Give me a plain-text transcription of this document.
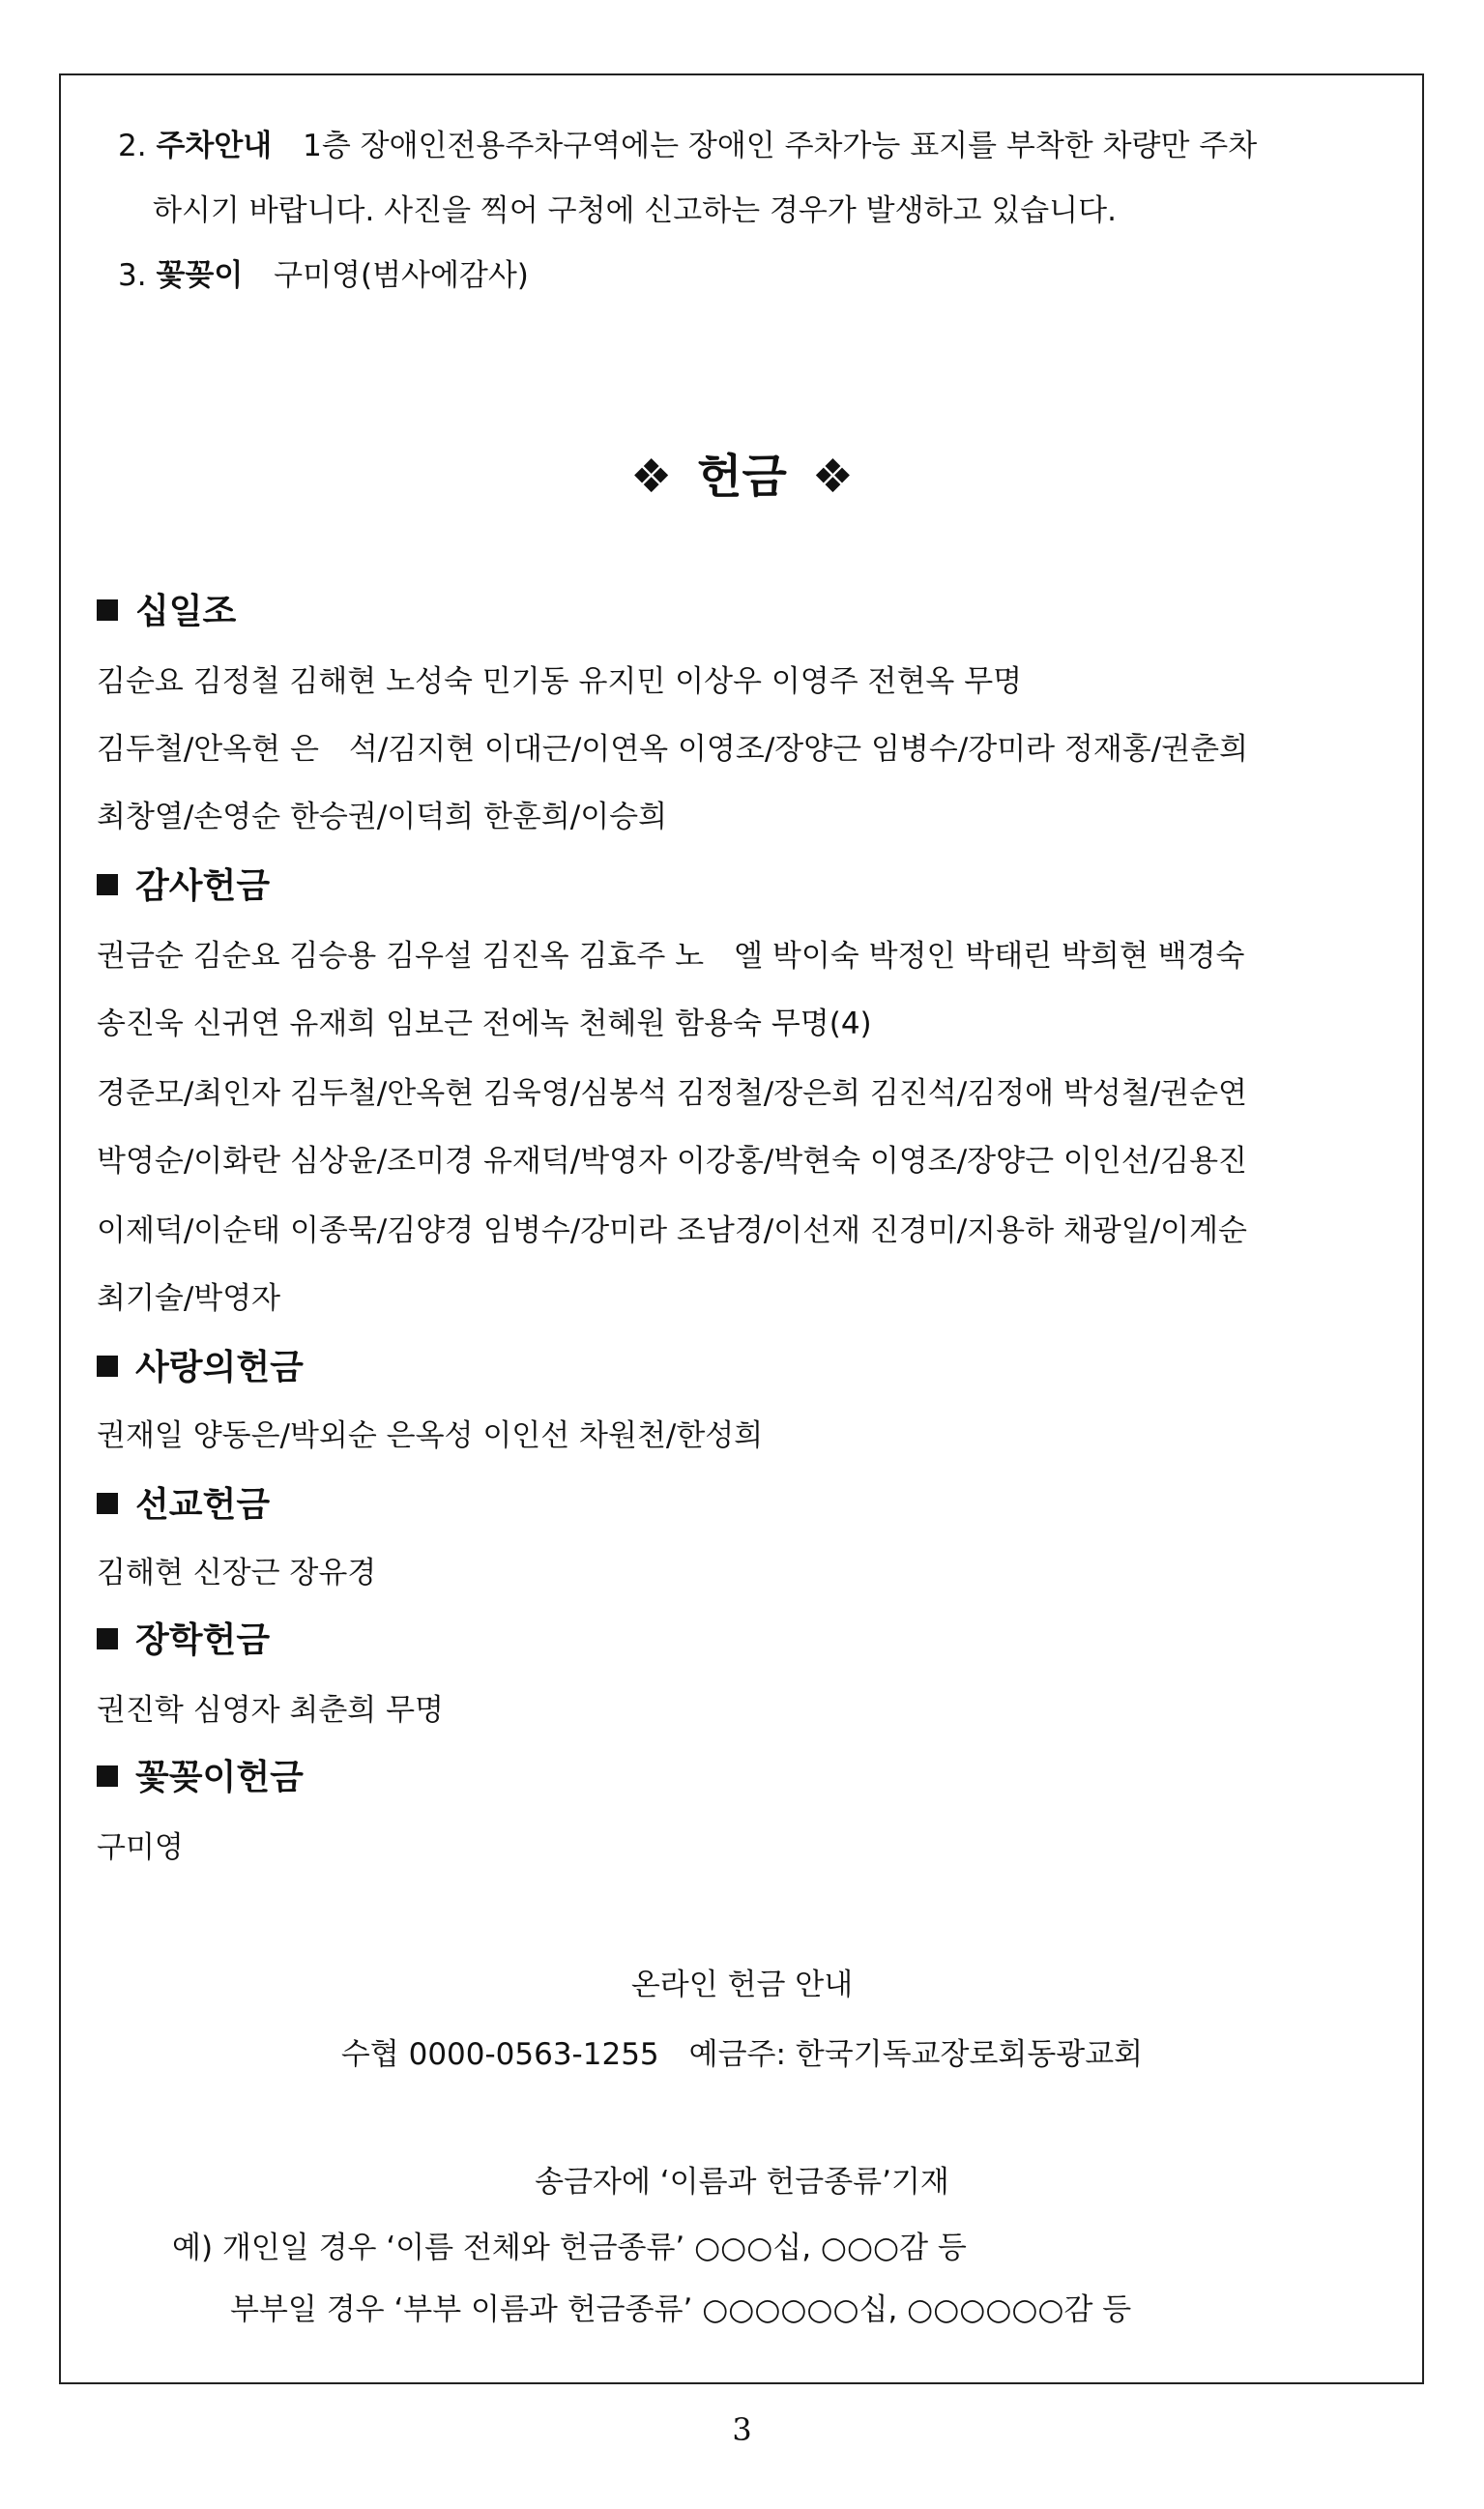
2. 주차안내 1층 장애인전용주차구역에는 장애인 주차가능 표지를 부착한 차량만 주차
하시기 바랍니다. 사진을 찍어 구청에 신고하는 경우가 발생하고 있습니다.
3. 꽃꽂이 구미영(범사에감사)
❖ 헌금 ❖
십일조
김순요 김정철 김해현 노성숙 민기동 유지민 이상우 이영주 전현옥 무명
김두철/안옥현 은　석/김지현 이대근/이연옥 이영조/장양근 임병수/강미라 정재홍/권춘희
최창열/손영순 한승권/이덕희 한훈희/이승희
감사헌금
권금순 김순요 김승용 김우설 김진옥 김효주 노　엘 박이숙 박정인 박태린 박희현 백경숙
송진욱 신귀연 유재희 임보근 전에녹 천혜원 함용숙 무명(4)
경준모/최인자 김두철/안옥현 김욱영/심봉석 김정철/장은희 김진석/김정애 박성철/권순연
박영순/이화란 심상윤/조미경 유재덕/박영자 이강홍/박현숙 이영조/장양근 이인선/김용진
이제덕/이순태 이종묵/김양경 임병수/강미라 조남경/이선재 진경미/지용하 채광일/이계순
최기술/박영자
사랑의헌금
권재일 양동은/박외순 은옥성 이인선 차원천/한성희
선교헌금
김해현 신장근 장유경
장학헌금
권진학 심영자 최춘희 무명
꽃꽂이헌금
구미영
온라인 헌금 안내
수협 0000-0563-1255　예금주: 한국기독교장로회동광교회
송금자에 ‘이름과 헌금종류’기재
예) 개인일 경우 ‘이름 전체와 헌금종류’ ○○○십, ○○○감 등
부부일 경우 ‘부부 이름과 헌금종류’ ○○○○○○십, ○○○○○○감 등
3
